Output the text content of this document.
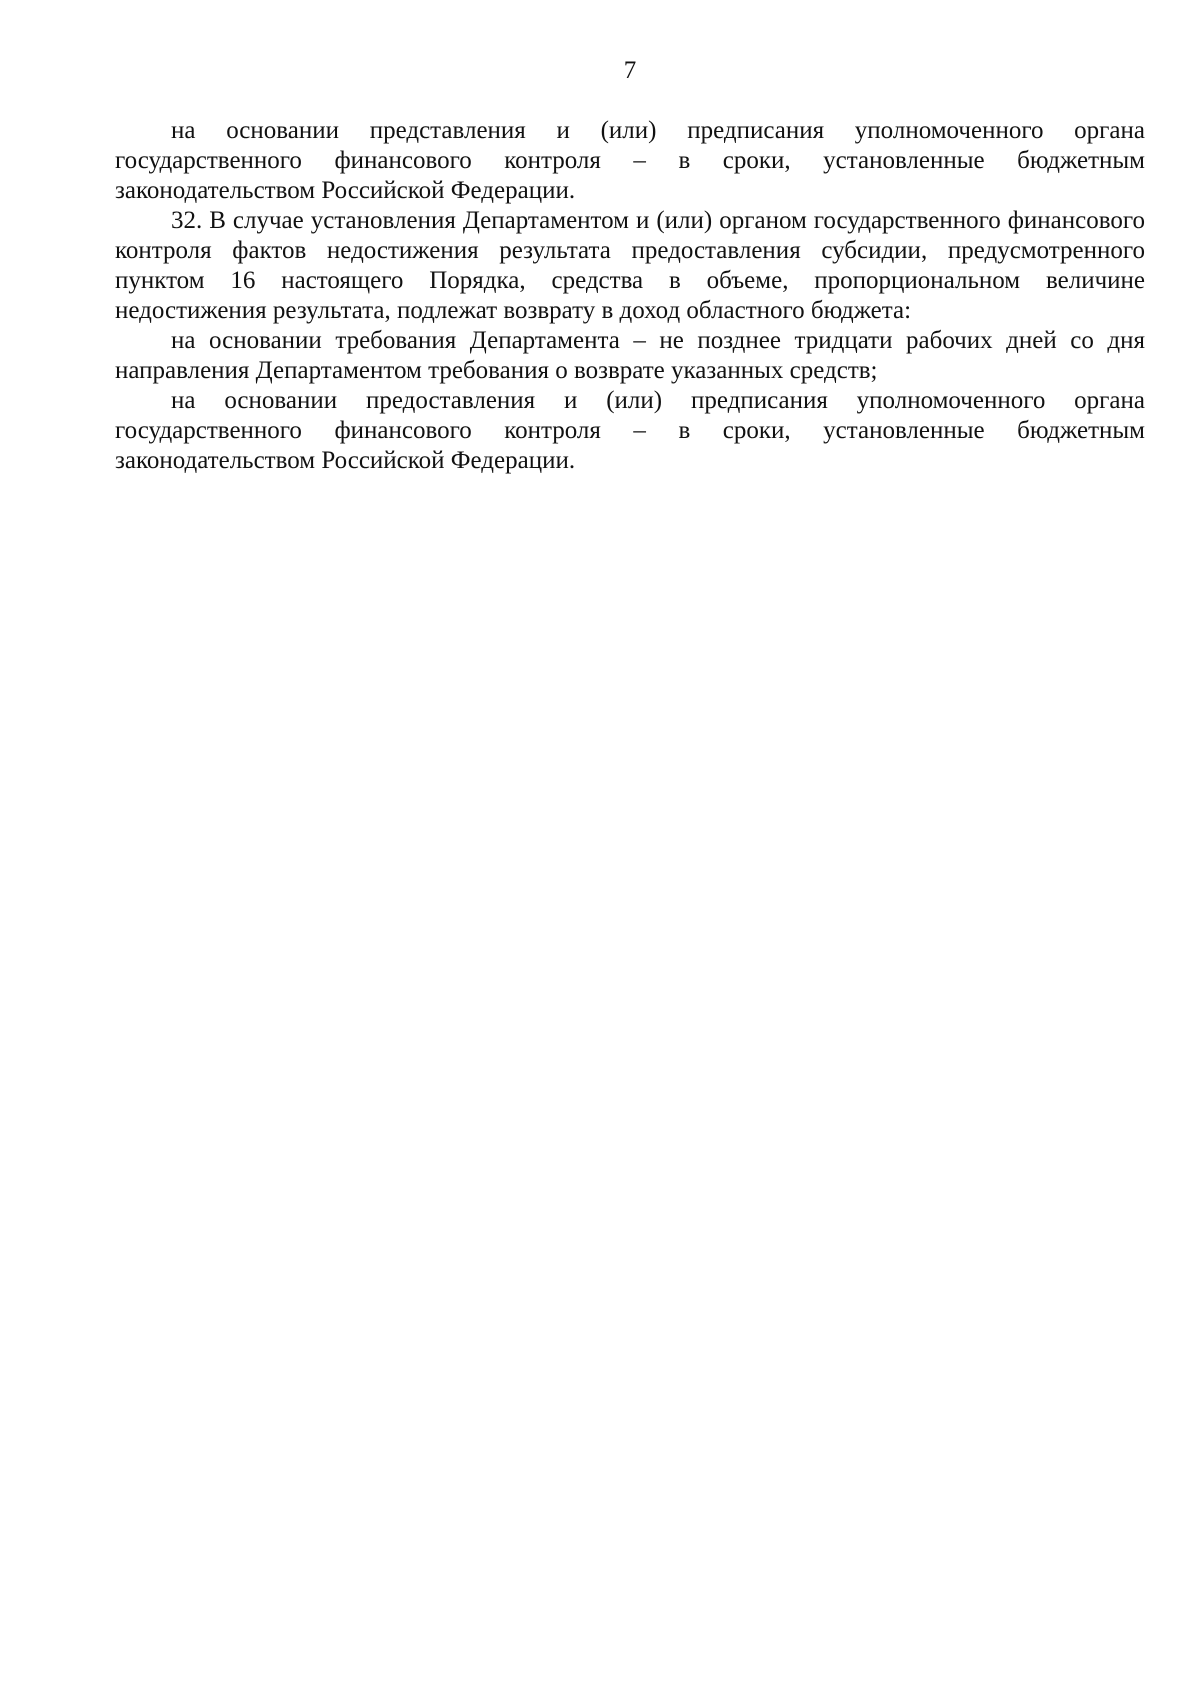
7

на основании представления и (или) предписания уполномоченного органа государственного финансового контроля – в сроки, установленные бюджетным законодательством Российской Федерации.

32. В случае установления Департаментом и (или) органом государственного финансового контроля фактов недостижения результата предоставления субсидии, предусмотренного пунктом 16 настоящего Порядка, средства в объеме, пропорциональном величине недостижения результата, подлежат возврату в доход областного бюджета:

на основании требования Департамента – не позднее тридцати рабочих дней со дня направления Департаментом требования о возврате указанных средств;

на основании предоставления и (или) предписания уполномоченного органа государственного финансового контроля – в сроки, установленные бюджетным законодательством Российской Федерации.
